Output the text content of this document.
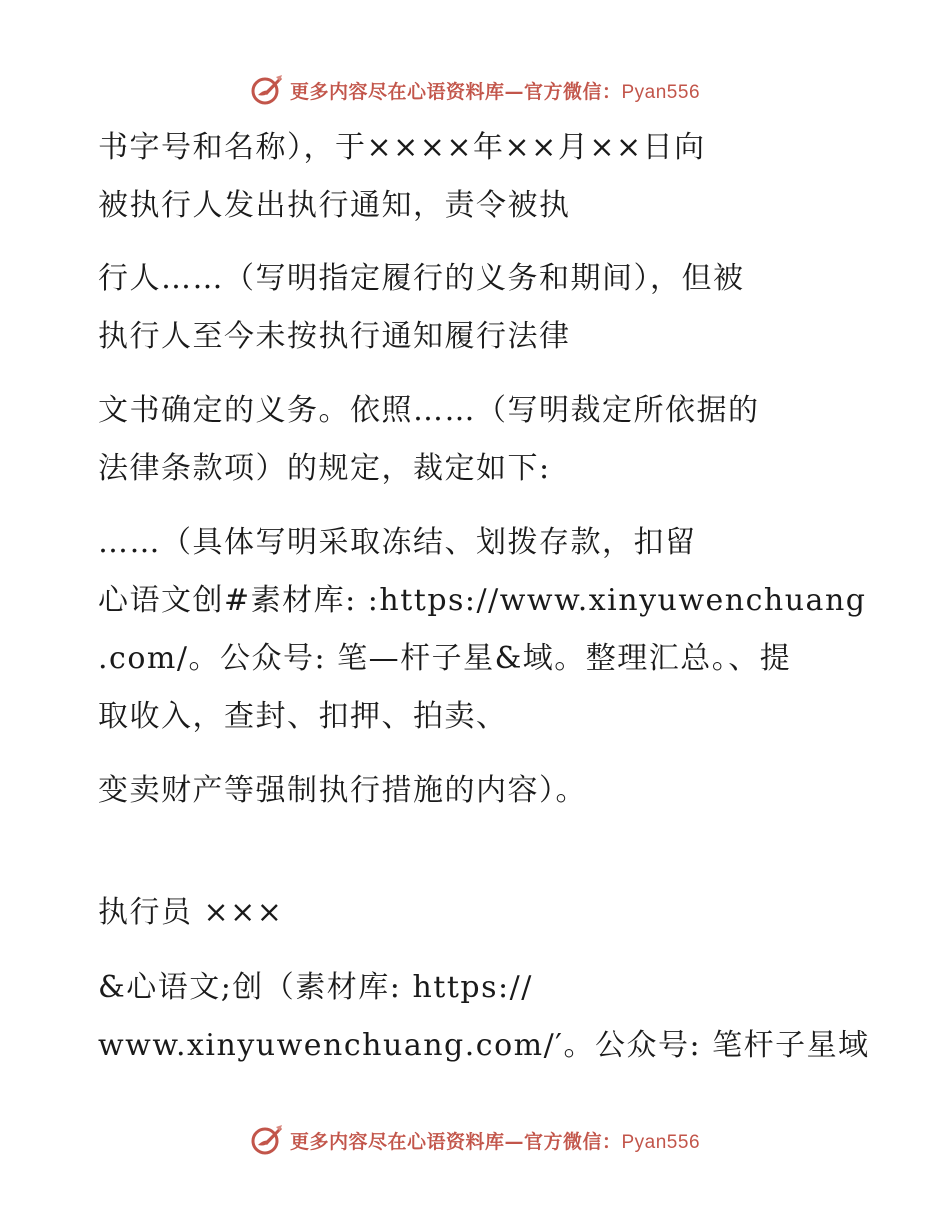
更多内容尽在心语资料库—官方微信：Pyan556
书字号和名称），于××××年××月××日向
被执行人发出执行通知，责令被执
行人……（写明指定履行的义务和期间），但被
执行人至今未按执行通知履行法律
文书确定的义务。依照……（写明裁定所依据的
法律条款项）的规定，裁定如下:
……（具体写明采取冻结、划拨存款，扣留
心语文创#素材库: :https://www.xinyuwenchuang
.com/。公众号: 笔—杆子星&域。整理汇总。、提
取收入，查封、扣押、拍卖、
变卖财产等强制执行措施的内容）。
执行员 ×××
&心语文;创（素材库: https://
www.xinyuwenchuang.com/′。公众号: 笔杆子星域
更多内容尽在心语资料库—官方微信：Pyan556
